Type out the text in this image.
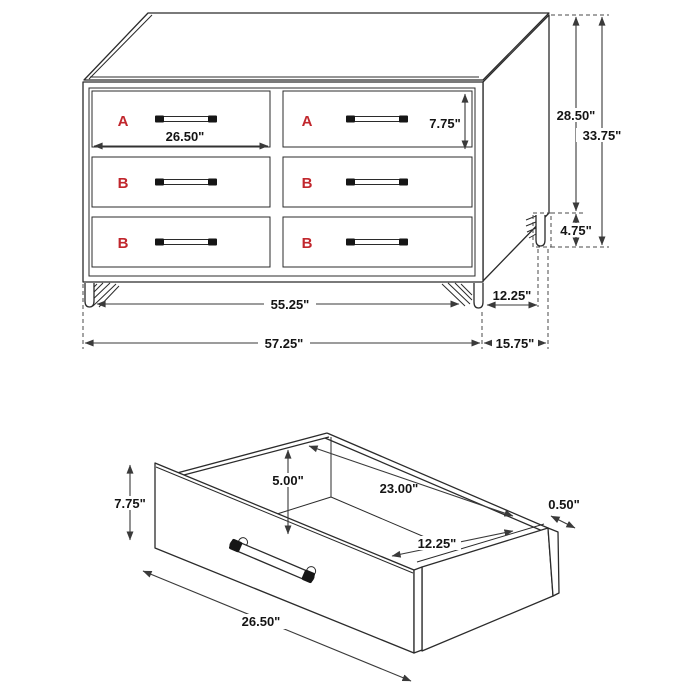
A	A
B	B
B	B
26.50"
7.75"
55.25"
57.25"
12.25"
15.75"
28.50"
33.75"
4.75"
7.75"
5.00"
23.00"
12.25"
26.50"
0.50"
